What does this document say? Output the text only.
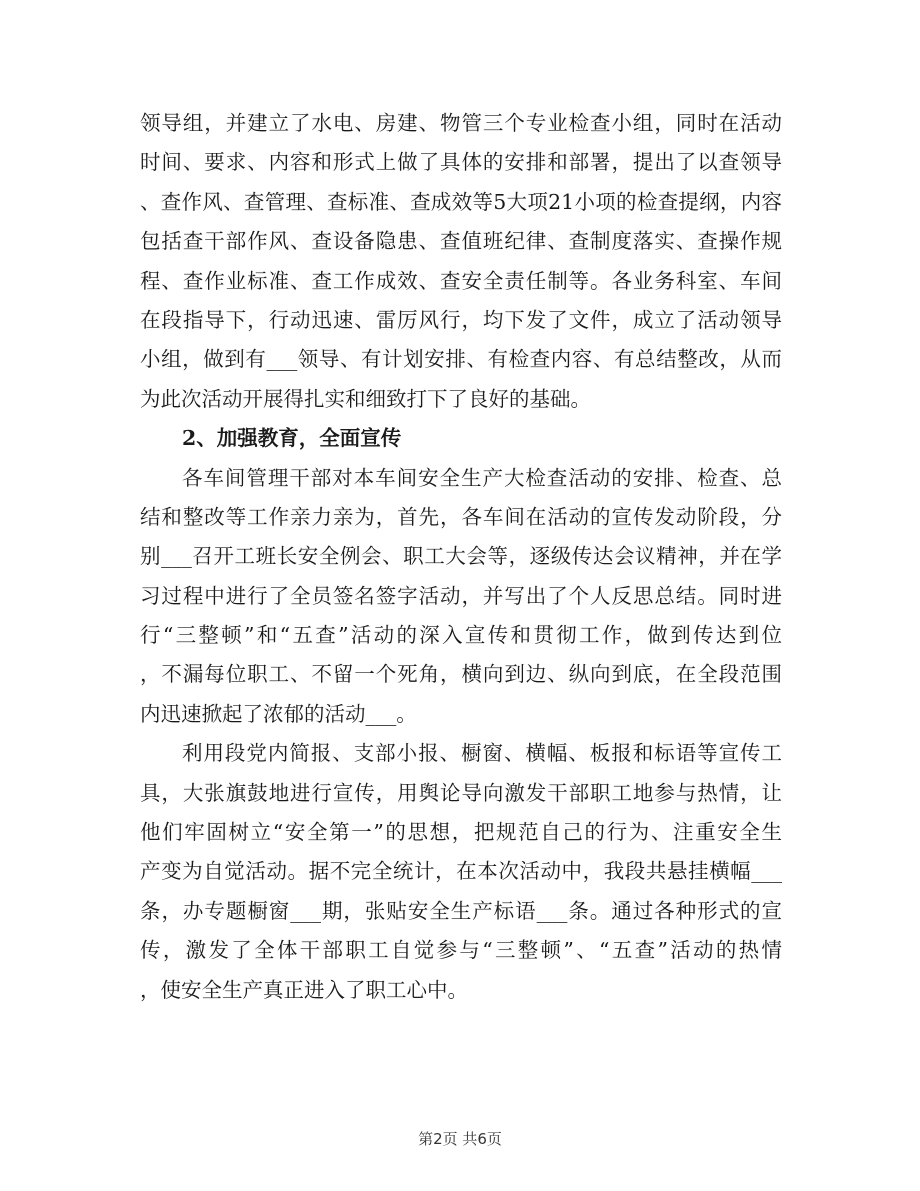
领导组，并建立了水电、房建、物管三个专业检查小组，同时在活动
时间、要求、内容和形式上做了具体的安排和部署，提出了以查领导
、查作风、查管理、查标准、查成效等5大项21小项的检查提纲，内容
包括查干部作风、查设备隐患、查值班纪律、查制度落实、查操作规
程、查作业标准、查工作成效、查安全责任制等。各业务科室、车间
在段指导下，行动迅速、雷厉风行，均下发了文件，成立了活动领导
小组，做到有___领导、有计划安排、有检查内容、有总结整改，从而
为此次活动开展得扎实和细致打下了良好的基础。
2、加强教育，全面宣传
各车间管理干部对本车间安全生产大检查活动的安排、检查、总
结和整改等工作亲力亲为，首先，各车间在活动的宣传发动阶段，分
别___召开工班长安全例会、职工大会等，逐级传达会议精神，并在学
习过程中进行了全员签名签字活动，并写出了个人反思总结。同时进
行“三整顿”和“五查”活动的深入宣传和贯彻工作，做到传达到位
，不漏每位职工、不留一个死角，横向到边、纵向到底，在全段范围
内迅速掀起了浓郁的活动___。
利用段党内简报、支部小报、橱窗、横幅、板报和标语等宣传工
具，大张旗鼓地进行宣传，用舆论导向激发干部职工地参与热情，让
他们牢固树立“安全第一”的思想，把规范自己的行为、注重安全生
产变为自觉活动。据不完全统计，在本次活动中，我段共悬挂横幅___
条，办专题橱窗___期，张贴安全生产标语___条。通过各种形式的宣
传，激发了全体干部职工自觉参与“三整顿”、“五查”活动的热情
，使安全生产真正进入了职工心中。
第2页 共6页
